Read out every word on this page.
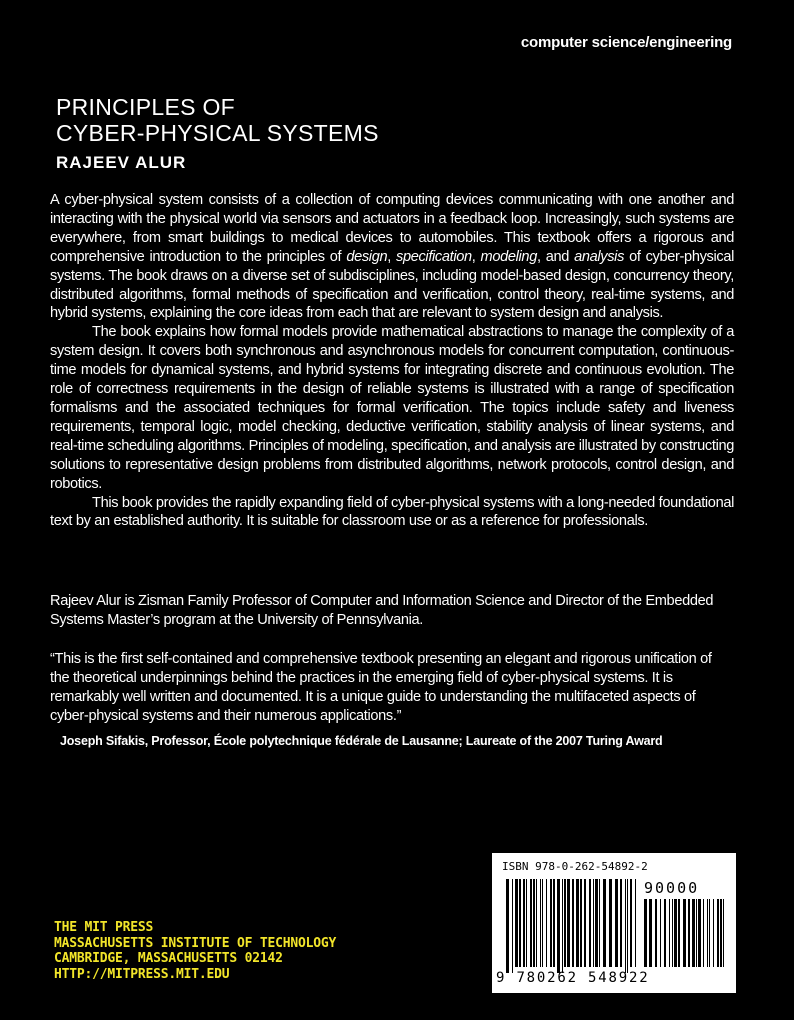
computer science/engineering
PRINCIPLES OF
CYBER-PHYSICAL SYSTEMS
RAJEEV ALUR

A cyber-physical system consists of a collection of computing devices communicating with one another and interacting with the physical world via sensors and actuators in a feedback loop. Increasingly, such systems are everywhere, from smart buildings to medical devices to automobiles. This textbook offers a rigorous and comprehensive introduction to the principles of design, specification, modeling, and analysis of cyber-physical systems. The book draws on a diverse set of subdisciplines, including model-based design, concurrency theory, distributed algorithms, formal methods of specification and verification, control theory, real-time systems, and hybrid systems, explaining the core ideas from each that are relevant to system design and analysis.

The book explains how formal models provide mathematical abstractions to manage the complexity of a system design. It covers both synchronous and asynchronous models for concurrent computation, continuous-time models for dynamical systems, and hybrid systems for integrating discrete and continuous evolution. The role of correctness requirements in the design of reliable systems is illustrated with a range of specification formalisms and the associated techniques for formal verification. The topics include safety and liveness requirements, temporal logic, model checking, deductive verification, stability analysis of linear systems, and real-time scheduling algorithms. Principles of modeling, specification, and analysis are illustrated by constructing solutions to representative design problems from distributed algorithms, network protocols, control design, and robotics.

This book provides the rapidly expanding field of cyber-physical systems with a long-needed foundational text by an established authority. It is suitable for classroom use or as a reference for professionals.

Rajeev Alur is Zisman Family Professor of Computer and Information Science and Director of the Embedded Systems Master’s program at the University of Pennsylvania.

“This is the first self-contained and comprehensive textbook presenting an elegant and rigorous unification of the theoretical underpinnings behind the practices in the emerging field of cyber-physical systems. It is remarkably well written and documented. It is a unique guide to understanding the multifaceted aspects of cyber-physical systems and their numerous applications.”

Joseph Sifakis, Professor, École polytechnique fédérale de Lausanne; Laureate of the 2007 Turing Award
THE MIT PRESS
MASSACHUSETTS INSTITUTE OF TECHNOLOGY
CAMBRIDGE, MASSACHUSETTS 02142
HTTP://MITPRESS.MIT.EDU
ISBN 978-0-262-54892-2
90000
9 780262 548922
